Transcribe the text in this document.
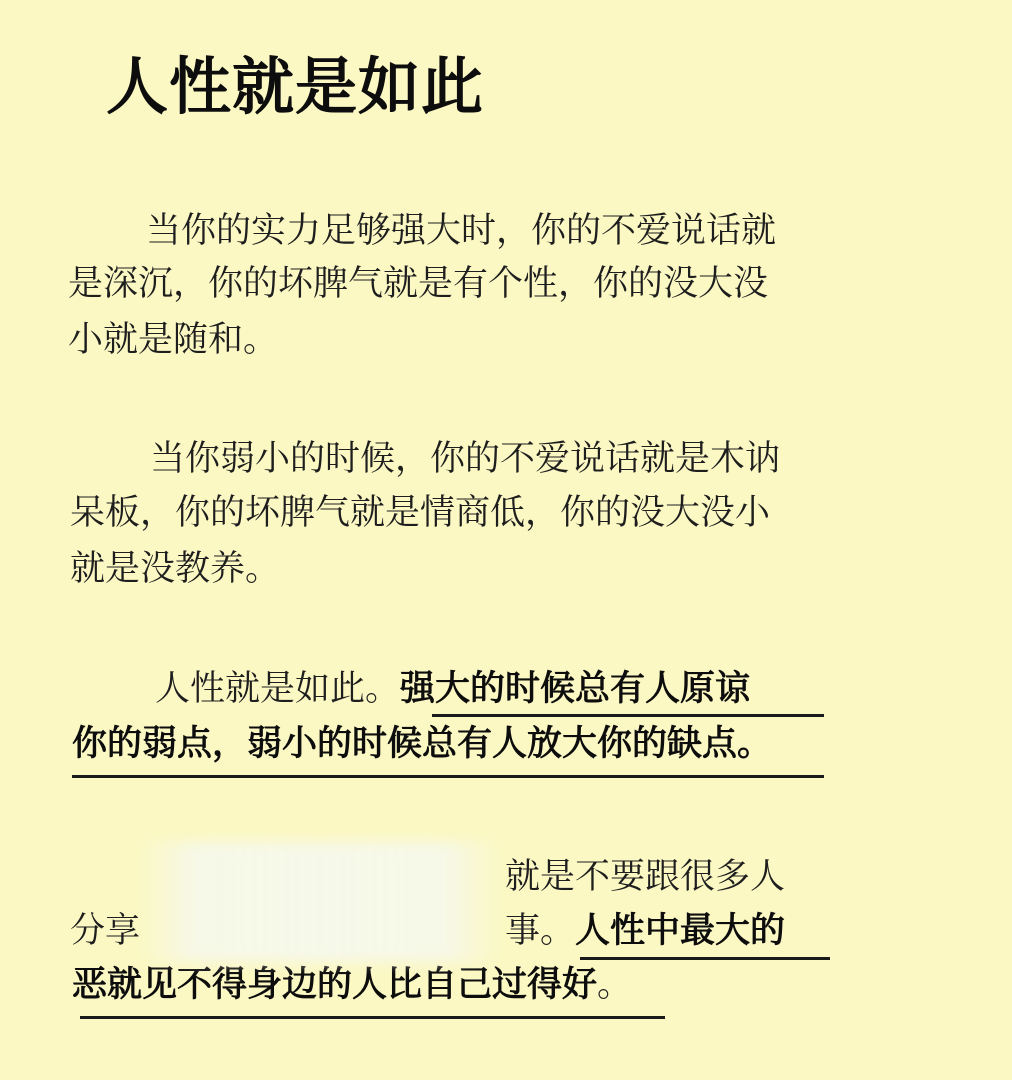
人性就是如此
当你的实力足够强大时，你的不爱说话就
是深沉，你的坏脾气就是有个性，你的没大没
小就是随和。
当你弱小的时候，你的不爱说话就是木讷
呆板，你的坏脾气就是情商低，你的没大没小
就是没教养。
人性就是如此。强大的时候总有人原谅
你的弱点，弱小的时候总有人放大你的缺点。
就是不要跟很多人
分享	事。人性中最大的
恶就见不得身边的人比自己过得好。
